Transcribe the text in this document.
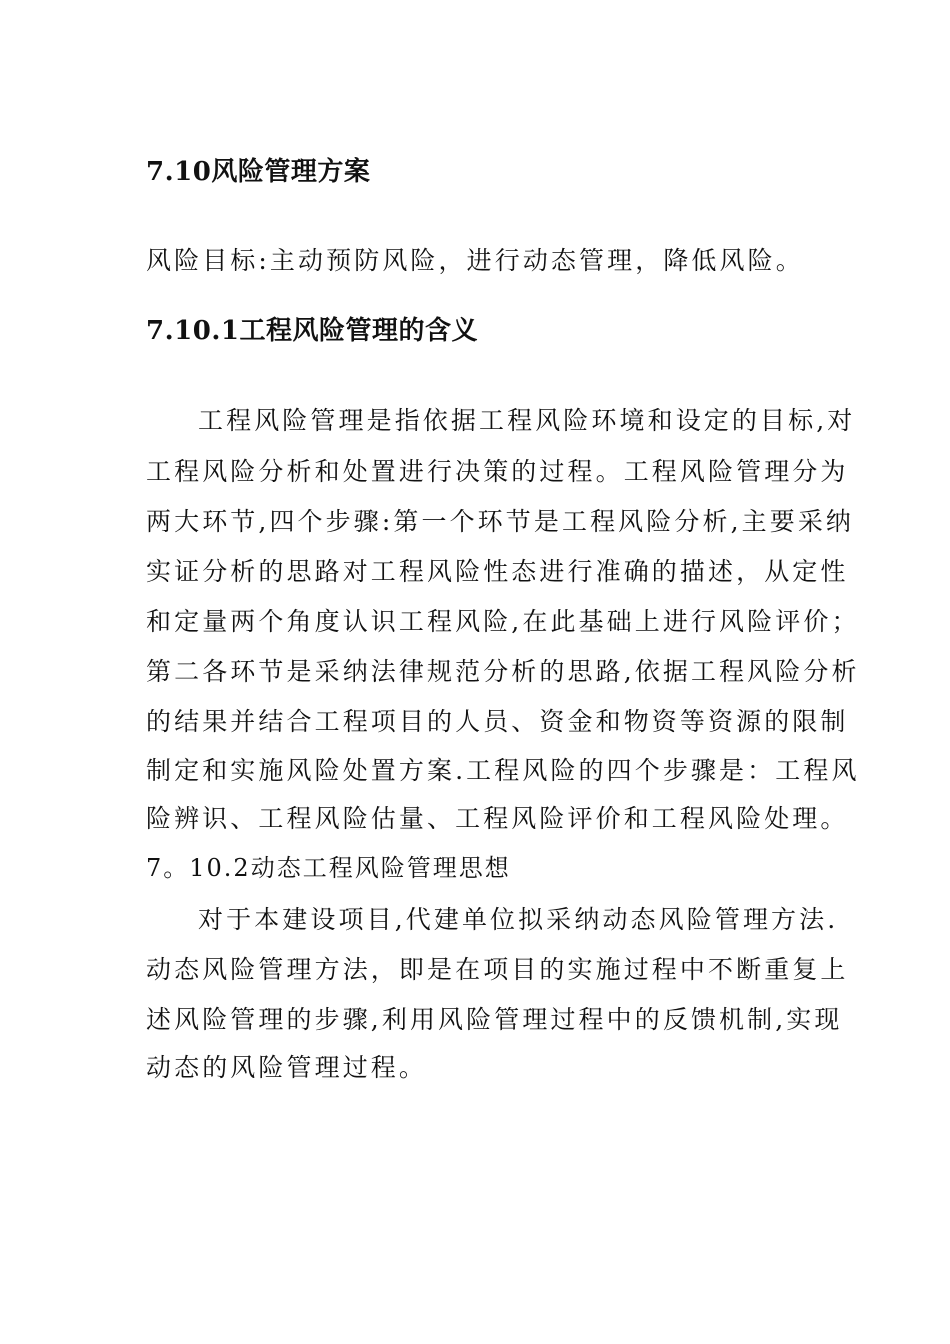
7.10风险管理方案
风险目标:主动预防风险，进行动态管理，降低风险。
7.10.1工程风险管理的含义
工程风险管理是指依据工程风险环境和设定的目标,对
工程风险分析和处置进行决策的过程。工程风险管理分为
两大环节,四个步骤:第一个环节是工程风险分析,主要采纳
实证分析的思路对工程风险性态进行准确的描述，从定性
和定量两个角度认识工程风险,在此基础上进行风险评价；
第二各环节是采纳法律规范分析的思路,依据工程风险分析
的结果并结合工程项目的人员、资金和物资等资源的限制
制定和实施风险处置方案.工程风险的四个步骤是：工程风
险辨识、工程风险估量、工程风险评价和工程风险处理。
7。10.2动态工程风险管理思想
对于本建设项目,代建单位拟采纳动态风险管理方法.
动态风险管理方法，即是在项目的实施过程中不断重复上
述风险管理的步骤,利用风险管理过程中的反馈机制,实现
动态的风险管理过程。
